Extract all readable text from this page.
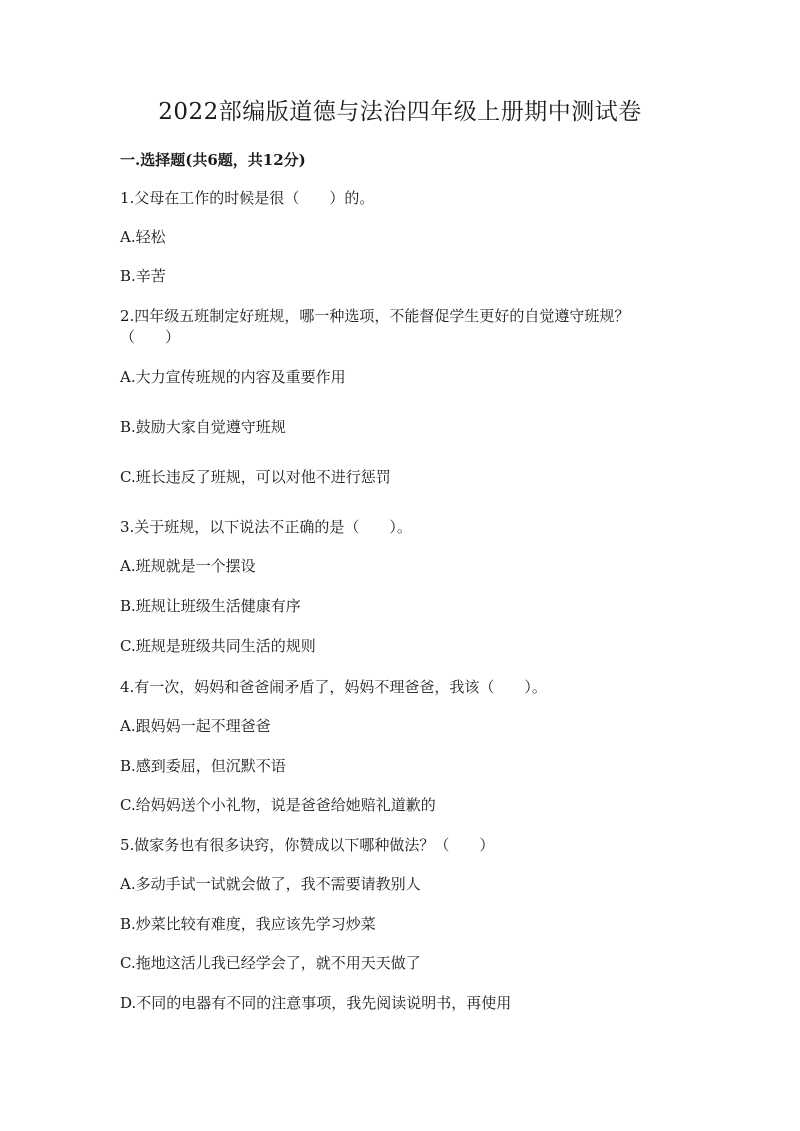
2022部编版道德与法治四年级上册期中测试卷
一.选择题(共6题，共12分)
1.父母在工作的时候是很（　　）的。
A.轻松
B.辛苦
2.四年级五班制定好班规，哪一种选项，不能督促学生更好的自觉遵守班规？
（　　）
A.大力宣传班规的内容及重要作用
B.鼓励大家自觉遵守班规
C.班长违反了班规，可以对他不进行惩罚
3.关于班规，以下说法不正确的是（　　）。
A.班规就是一个摆设
B.班规让班级生活健康有序
C.班规是班级共同生活的规则
4.有一次，妈妈和爸爸闹矛盾了，妈妈不理爸爸，我该（　　）。
A.跟妈妈一起不理爸爸
B.感到委屈，但沉默不语
C.给妈妈送个小礼物，说是爸爸给她赔礼道歉的
5.做家务也有很多诀窍，你赞成以下哪种做法？（　　）
A.多动手试一试就会做了，我不需要请教别人
B.炒菜比较有难度，我应该先学习炒菜
C.拖地这活儿我已经学会了，就不用天天做了
D.不同的电器有不同的注意事项，我先阅读说明书，再使用
